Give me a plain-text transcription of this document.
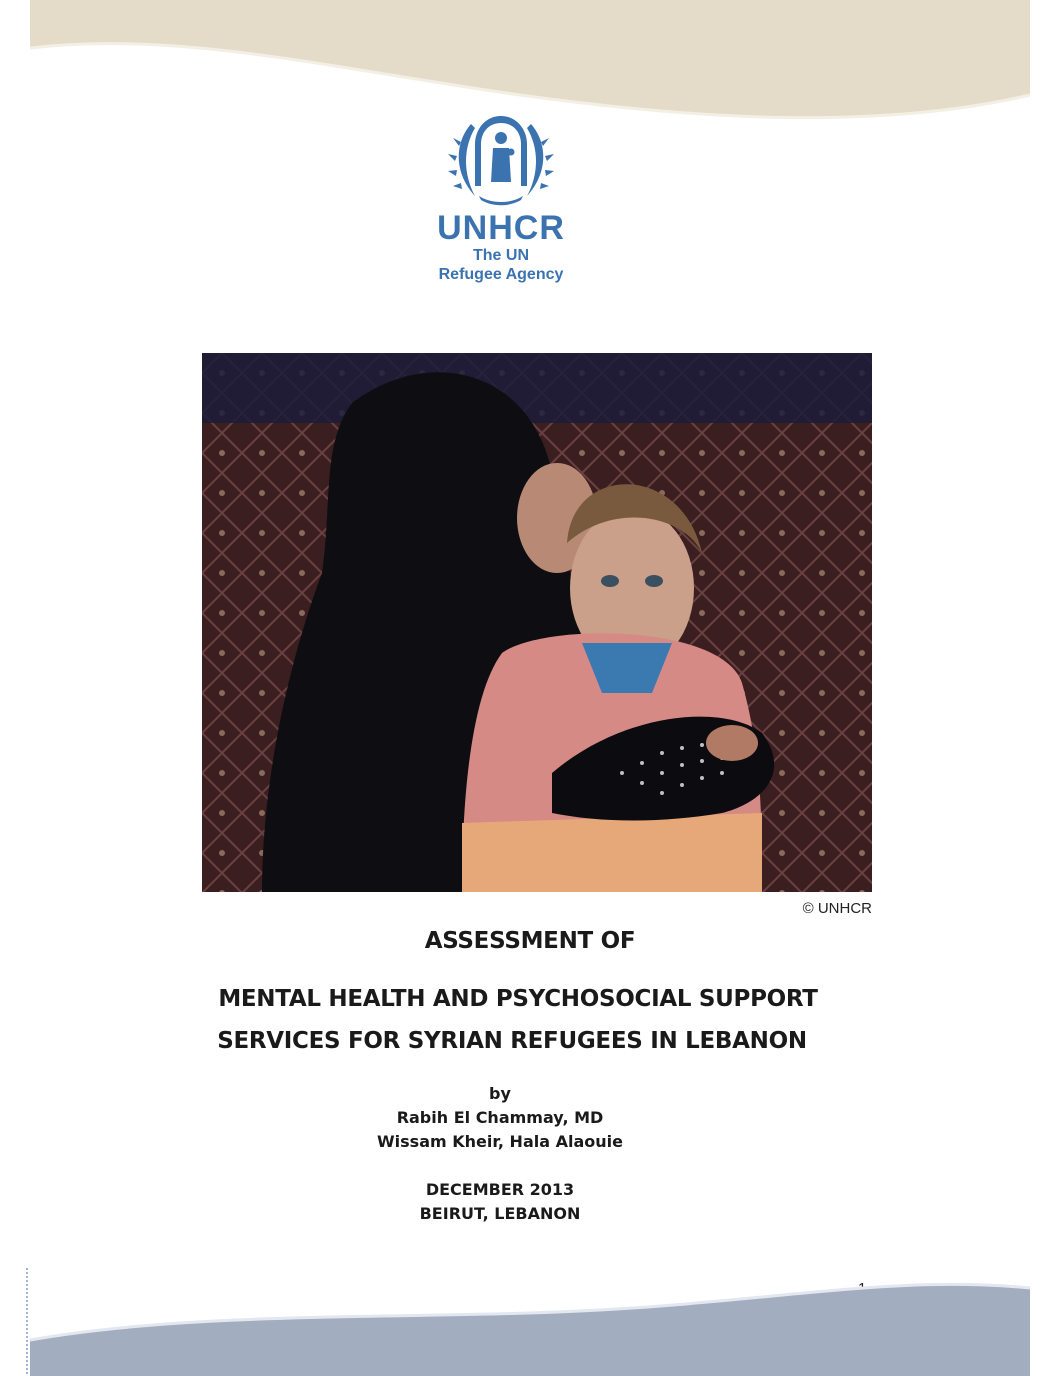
UNHCR
The UN
Refugee Agency
© UNHCR
ASSESSMENT OF
MENTAL HEALTH AND PSYCHOSOCIAL SUPPORT
SERVICES FOR SYRIAN REFUGEES IN LEBANON
by
Rabih El Chammay, MD
Wissam Kheir, Hala Alaouie
DECEMBER 2013
BEIRUT, LEBANON
